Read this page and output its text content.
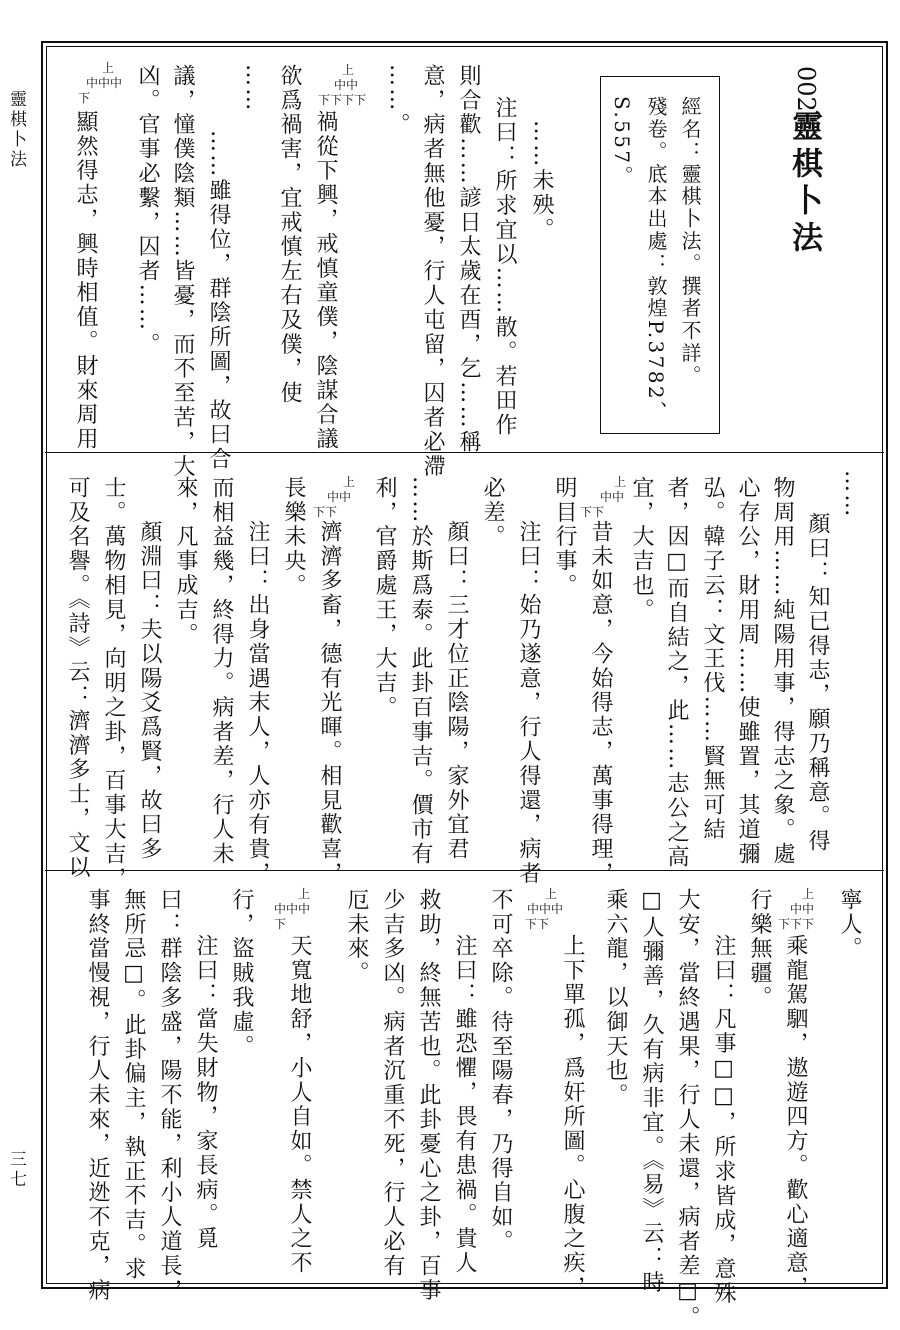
靈棋卜法
三七
002
靈棋卜法
經名：靈棋卜法。撰者不詳。
殘卷。底本出處：敦煌P.3782、
S.557。
……未殃。
注曰：所求宜以……散。若田作
則合歡……諺日太歲在酉，乞……稱
意，病者無他憂，行人屯留，囚者必滯
……。
禍從下興，戒慎童僕，陰謀合議
欲爲禍害，宜戒慎左右及僕，使
……
……雖得位，群陰所圖，故曰合
議，憧僕陰類……皆憂，而不至苦，大
凶。官事必繫，囚者……。
顯然得志，興時相值。財來周用
上
中中
下下下下
上
中中中
下
……
顏曰：知已得志，願乃稱意。得
物周用……純陽用事，得志之象。處
心存公，財用周……使雖置，其道彌
弘。韓子云：文王伐……賢無可結
者，因□而自結之，此……志公之高
宜，大吉也。
昔未如意，今始得志，萬事得理，
明目行事。
注曰：始乃遂意，行人得還，病者
必差。
顏曰：三才位正陰陽，家外宜君
……於斯爲泰。此卦百事吉。價市有
利，官爵處王，大吉。
濟濟多畜，德有光暉。相見歡喜，
長樂未央。
注曰：出身當遇末人，人亦有貴，
而相益幾，終得力。病者差，行人未
來，凡事成吉。
顏淵曰：夫以陽爻爲賢，故曰多
士。萬物相見，向明之卦，百事大吉，
可及名譽。《詩》云：濟濟多士，文以	上
中中
下下
上
中中
下下
寧人。
乘龍駕駟，遨遊四方。歡心適意，
行樂無疆。
注曰：凡事□□，所求皆成，意殊
大安，當終遇果，行人未還，病者差□。
□人彌善，久有病非宜。《易》云：時
乘六龍，以御天也。
上下單孤，爲奸所圖。心腹之疾，
不可卒除。待至陽春，乃得自如。
注曰：雖恐懼，畏有患禍。貴人
救助，終無苦也。此卦憂心之卦，百事
少吉多凶。病者沉重不死，行人必有
厄未來。
天寬地舒，小人自如。禁人之不
行，盜賊我虛。
注曰：當失財物，家長病。覓
曰：群陰多盛，陽不能，利小人道長，
無所忌□。此卦偏主，執正不吉。求
事終當慢視，行人未來，近迯不克，病	上
中中
下下下
上
中中中
下下
上
中中中
下
